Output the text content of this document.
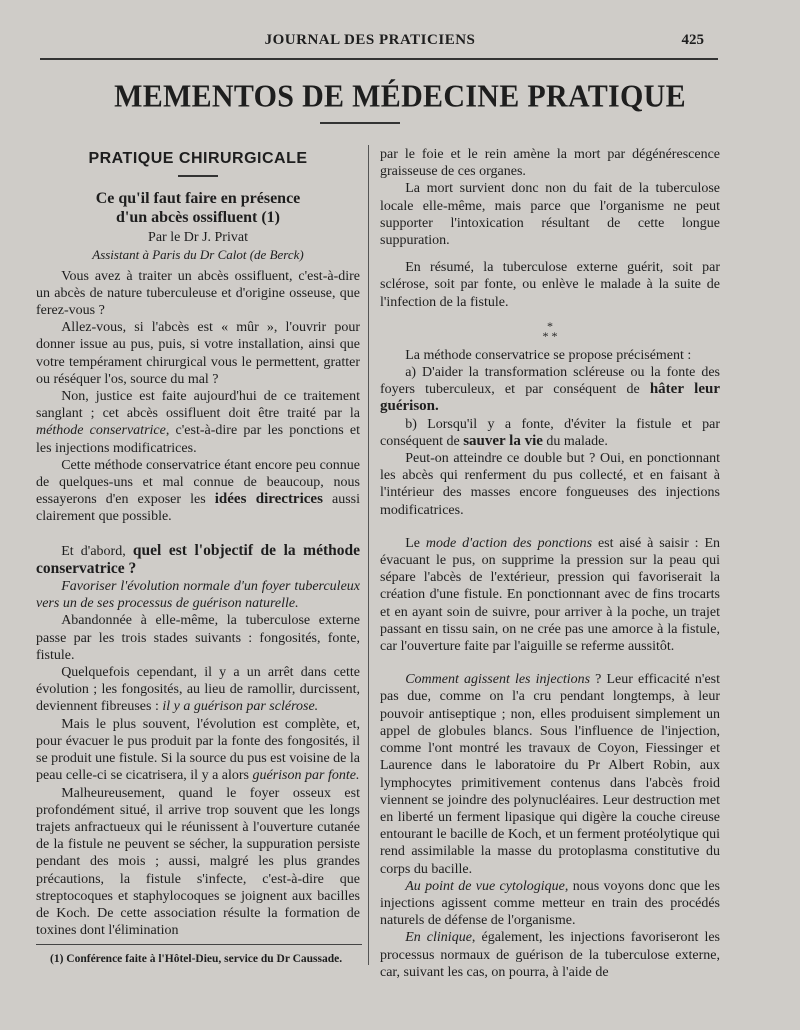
JOURNAL DES PRATICIENS	425
MEMENTOS DE MÉDECINE PRATIQUE
PRATIQUE CHIRURGICALE
Ce qu'il faut faire en présence
d'un abcès ossifluent (1)
Par le Dr J. Privat
Assistant à Paris du Dr Calot (de Berck)

Vous avez à traiter un abcès ossifluent, c'est-à-dire un abcès de nature tuberculeuse et d'origine osseuse, que ferez-vous ?

Allez-vous, si l'abcès est « mûr », l'ouvrir pour donner issue au pus, puis, si votre installation, ainsi que votre tempérament chirurgical vous le permettent, gratter ou réséquer l'os, source du mal ?

Non, justice est faite aujourd'hui de ce traitement sanglant ; cet abcès ossifluent doit être traité par la méthode conservatrice, c'est-à-dire par les ponctions et les injections modificatrices.

Cette méthode conservatrice étant encore peu connue de quelques-uns et mal connue de beaucoup, nous essayerons d'en exposer les idées directrices aussi clairement que possible.

Et d'abord, quel est l'objectif de la méthode conservatrice ?

Favoriser l'évolution normale d'un foyer tuberculeux vers un de ses processus de guérison naturelle.

Abandonnée à elle-même, la tuberculose externe passe par les trois stades suivants : fongosités, fonte, fistule.

Quelquefois cependant, il y a un arrêt dans cette évolution ; les fongosités, au lieu de ramollir, durcissent, deviennent fibreuses : il y a guérison par sclérose.

Mais le plus souvent, l'évolution est complète, et, pour évacuer le pus produit par la fonte des fongosités, il se produit une fistule. Si la source du pus est voisine de la peau celle-ci se cicatrisera, il y a alors guérison par fonte.

Malheureusement, quand le foyer osseux est profondément situé, il arrive trop souvent que les longs trajets anfractueux qui le réunissent à l'ouverture cutanée de la fistule ne peuvent se sécher, la suppuration persiste pendant des mois ; aussi, malgré les plus grandes précautions, la fistule s'infecte, c'est-à-dire que streptocoques et staphylocoques se joignent aux bacilles de Koch. De cette association résulte la formation de toxines dont l'élimination

(1) Conférence faite à l'Hôtel-Dieu, service du Dr Caussade.

par le foie et le rein amène la mort par dégénérescence graisseuse de ces organes.

La mort survient donc non du fait de la tuberculose locale elle-même, mais parce que l'organisme ne peut supporter l'intoxication résultant de cette longue suppuration.

En résumé, la tuberculose externe guérit, soit par sclérose, soit par fonte, ou enlève le malade à la suite de l'infection de la fistule.

*
* *

La méthode conservatrice se propose précisément :

a) D'aider la transformation scléreuse ou la fonte des foyers tuberculeux, et par conséquent de hâter leur guérison.

b) Lorsqu'il y a fonte, d'éviter la fistule et par conséquent de sauver la vie du malade.

Peut-on atteindre ce double but ? Oui, en ponctionnant les abcès qui renferment du pus collecté, et en faisant à l'intérieur des masses encore fongueuses des injections modificatrices.

Le mode d'action des ponctions est aisé à saisir : En évacuant le pus, on supprime la pression sur la peau qui sépare l'abcès de l'extérieur, pression qui favoriserait la création d'une fistule. En ponctionnant avec de fins trocarts et en ayant soin de suivre, pour arriver à la poche, un trajet passant en tissu sain, on ne crée pas une amorce à la fistule, car l'ouverture faite par l'aiguille se referme aussitôt.

Comment agissent les injections ? Leur efficacité n'est pas due, comme on l'a cru pendant longtemps, à leur pouvoir antiseptique ; non, elles produisent simplement un appel de globules blancs. Sous l'influence de l'injection, comme l'ont montré les travaux de Coyon, Fiessinger et Laurence dans le laboratoire du Pr Albert Robin, aux lymphocytes primitivement contenus dans l'abcès froid viennent se joindre des polynucléaires. Leur destruction met en liberté un ferment lipasique qui digère la couche cireuse entourant le bacille de Koch, et un ferment protéolytique qui rend assimilable la masse du protoplasma constitutive du corps du bacille.

Au point de vue cytologique, nous voyons donc que les injections agissent comme metteur en train des procédés naturels de défense de l'organisme.

En clinique, également, les injections favoriseront les processus normaux de guérison de la tuberculose externe, car, suivant les cas, on pourra, à l'aide de
